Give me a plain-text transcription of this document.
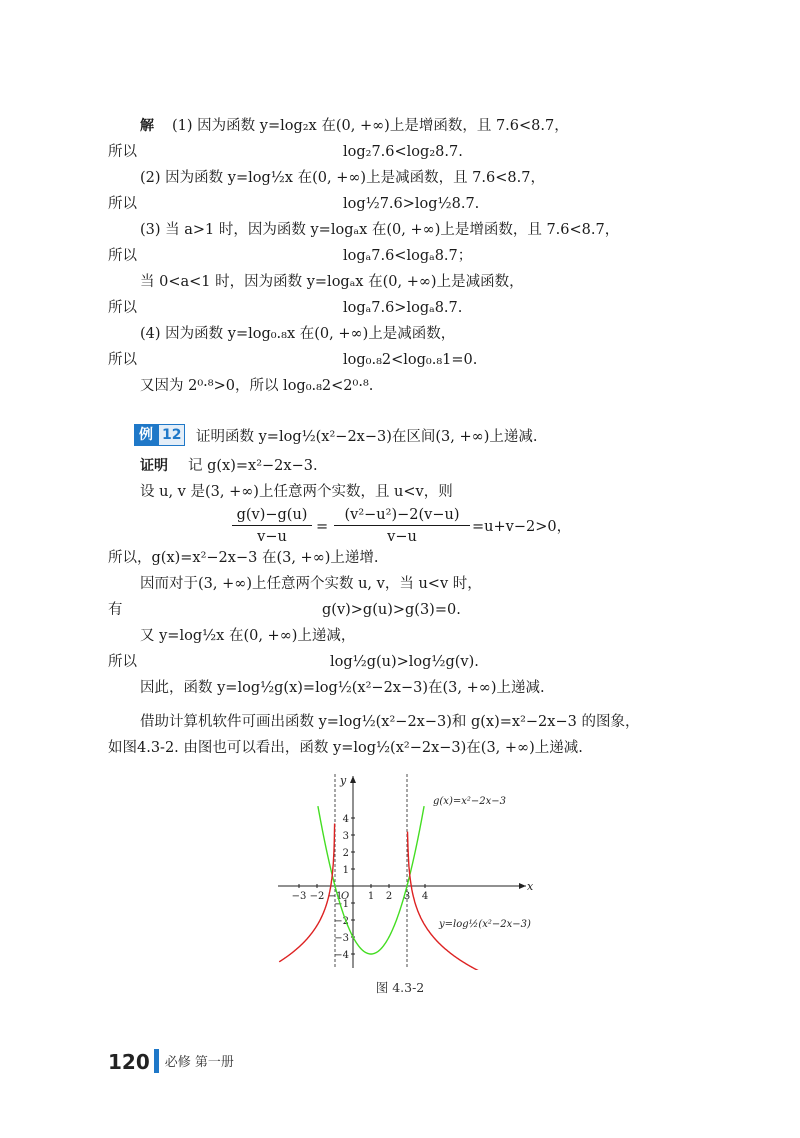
解 (1) 因为函数 y=log₂x 在(0, +∞)上是增函数，且 7.6<8.7，
所以	log₂7.6<log₂8.7.
(2) 因为函数 y=log½x 在(0, +∞)上是减函数，且 7.6<8.7，
所以	log½7.6>log½8.7.
(3) 当 a>1 时，因为函数 y=logₐx 在(0, +∞)上是增函数，且 7.6<8.7，
所以	logₐ7.6<logₐ8.7；
当 0<a<1 时，因为函数 y=logₐx 在(0, +∞)上是减函数，
所以	logₐ7.6>logₐ8.7.
(4) 因为函数 y=log₀.₈x 在(0, +∞)上是减函数，
所以	log₀.₈2<log₀.₈1=0.
又因为 2⁰·⁸>0，所以 log₀.₈2<2⁰·⁸.
证明函数 y=log½(x²−2x−3)在区间(3, +∞)上递减.
证明 记 g(x)=x²−2x−3.
设 u, v 是(3, +∞)上任意两个实数，且 u<v，则
所以，g(x)=x²−2x−3 在(3, +∞)上递增.
因而对于(3, +∞)上任意两个实数 u, v，当 u<v 时，
有	g(v)>g(u)>g(3)=0.
又 y=log½x 在(0, +∞)上递减，
所以	log½g(u)>log½g(v).
因此，函数 y=log½g(x)=log½(x²−2x−3)在(3, +∞)上递减.
借助计算机软件可画出函数 y=log½(x²−2x−3)和 g(x)=x²−2x−3 的图象，
如图4.3-2. 由图也可以看出，函数 y=log½(x²−2x−3)在(3, +∞)上递减.
例 12
$\frac{g(v)-g(u)}{v-u} = \frac{\text{(v²−u²)−2(v−u)}}{v-u} =u+v-2>0$，
−3 −2 −1	1 2 3 4
4
3
2
1
−1
−2
−3
−4
x
y
O
g(x)=x²−2x−3
y=log½(x²−2x−3)
图 4.3-2
120 必修 第一册
